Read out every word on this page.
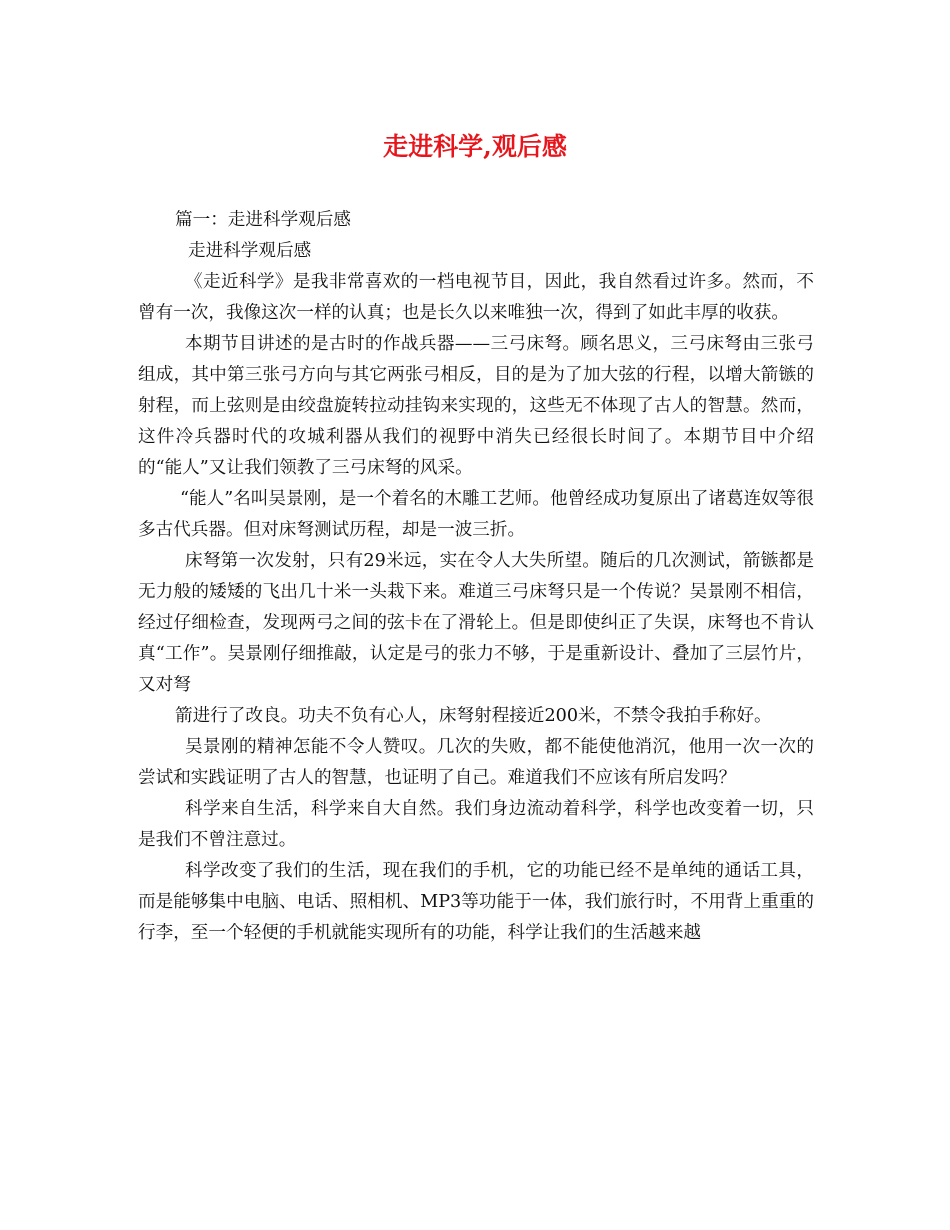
走进科学,观后感

篇一：走进科学观后感

走进科学观后感

《走近科学》是我非常喜欢的一档电视节目，因此，我自然看过许多。然而，不曾有一次，我像这次一样的认真；也是长久以来唯独一次，得到了如此丰厚的收获。

本期节目讲述的是古时的作战兵器——三弓床弩。顾名思义，三弓床弩由三张弓组成，其中第三张弓方向与其它两张弓相反，目的是为了加大弦的行程，以增大箭镞的射程，而上弦则是由绞盘旋转拉动挂钩来实现的，这些无不体现了古人的智慧。然而，这件冷兵器时代的攻城利器从我们的视野中消失已经很长时间了。本期节目中介绍的“能人”又让我们领教了三弓床弩的风采。

“能人”名叫吴景刚，是一个着名的木雕工艺师。他曾经成功复原出了诸葛连奴等很多古代兵器。但对床弩测试历程，却是一波三折。

床弩第一次发射，只有29米远，实在令人大失所望。随后的几次测试，箭镞都是无力般的矮矮的飞出几十米一头栽下来。难道三弓床弩只是一个传说？吴景刚不相信，经过仔细检查，发现两弓之间的弦卡在了滑轮上。但是即使纠正了失误，床弩也不肯认真“工作”。吴景刚仔细推敲，认定是弓的张力不够，于是重新设计、叠加了三层竹片，又对弩

箭进行了改良。功夫不负有心人，床弩射程接近200米，不禁令我拍手称好。

吴景刚的精神怎能不令人赞叹。几次的失败，都不能使他消沉，他用一次一次的尝试和实践证明了古人的智慧，也证明了自己。难道我们不应该有所启发吗？

科学来自生活，科学来自大自然。我们身边流动着科学，科学也改变着一切，只是我们不曾注意过。

科学改变了我们的生活，现在我们的手机，它的功能已经不是单纯的通话工具，而是能够集中电脑、电话、照相机、MP3等功能于一体，我们旅行时，不用背上重重的行李，至一个轻便的手机就能实现所有的功能，科学让我们的生活越来越
